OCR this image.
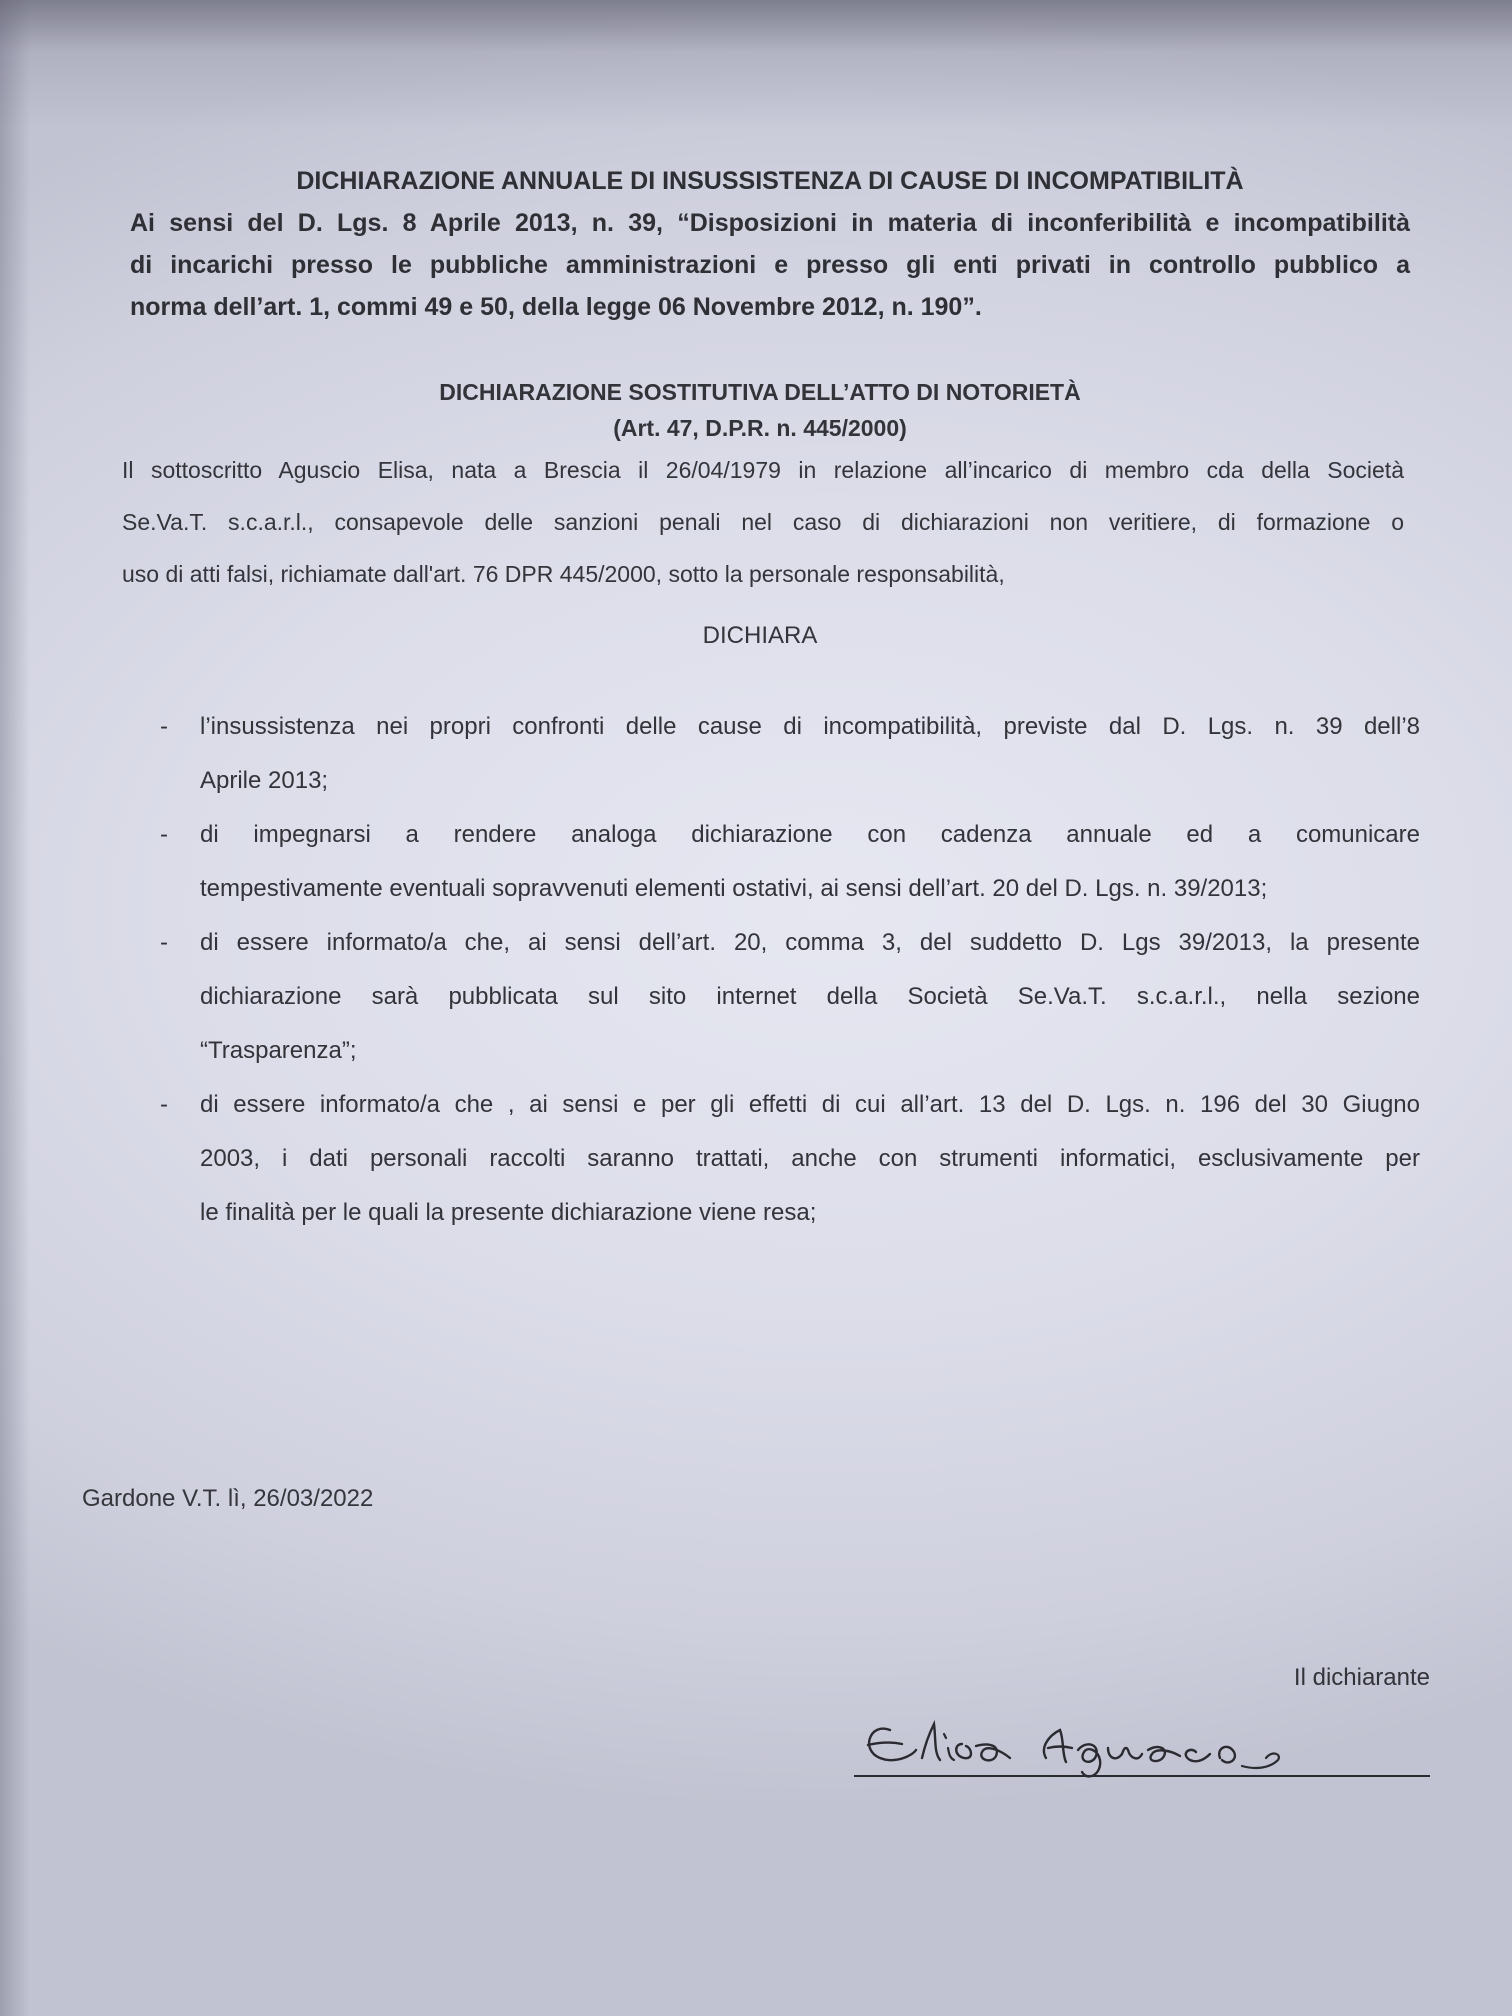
DICHIARAZIONE ANNUALE DI INSUSSISTENZA DI CAUSE DI INCOMPATIBILITÀ
Ai sensi del D. Lgs. 8 Aprile 2013, n. 39, “Disposizioni in materia di inconferibilità e incompatibilità
di incarichi presso le pubbliche amministrazioni e presso gli enti privati in controllo pubblico a
norma dell’art. 1, commi 49 e 50, della legge 06 Novembre 2012, n. 190”.
DICHIARAZIONE SOSTITUTIVA DELL’ATTO DI NOTORIETÀ
(Art. 47, D.P.R. n. 445/2000)
Il sottoscritto Aguscio Elisa, nata a Brescia il 26/04/1979 in relazione all’incarico di membro cda della Società
Se.Va.T. s.c.a.r.l., consapevole delle sanzioni penali nel caso di dichiarazioni non veritiere, di formazione o
uso di atti falsi, richiamate dall'art. 76 DPR 445/2000, sotto la personale responsabilità,
DICHIARA
- l’insussistenza nei propri confronti delle cause di incompatibilità, previste dal D. Lgs. n. 39 dell’8
Aprile 2013;
- di impegnarsi a rendere analoga dichiarazione con cadenza annuale ed a comunicare
tempestivamente eventuali sopravvenuti elementi ostativi, ai sensi dell’art. 20 del D. Lgs. n. 39/2013;
- di essere informato/a che, ai sensi dell’art. 20, comma 3, del suddetto D. Lgs 39/2013, la presente
dichiarazione sarà pubblicata sul sito internet della Società Se.Va.T. s.c.a.r.l., nella sezione
“Trasparenza”;
- di essere informato/a che , ai sensi e per gli effetti di cui all’art. 13 del D. Lgs. n. 196 del 30 Giugno
2003, i dati personali raccolti saranno trattati, anche con strumenti informatici, esclusivamente per
le finalità per le quali la presente dichiarazione viene resa;
Gardone V.T. lì, 26/03/2022
Il dichiarante
